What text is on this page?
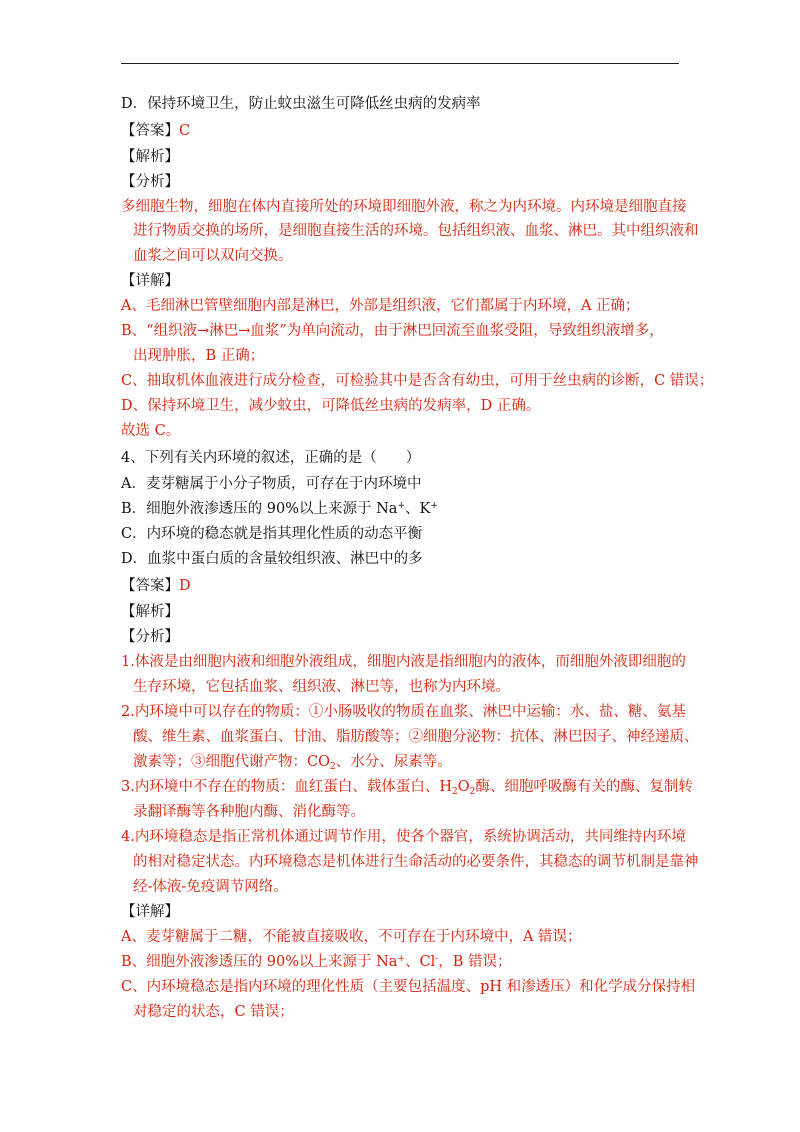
D．保持环境卫生，防止蚊虫滋生可降低丝虫病的发病率
【答案】C
【解析】
【分析】
多细胞生物，细胞在体内直接所处的环境即细胞外液，称之为内环境。内环境是细胞直接
进行物质交换的场所，是细胞直接生活的环境。包括组织液、血浆、淋巴。其中组织液和
血浆之间可以双向交换。
【详解】
A、毛细淋巴管壁细胞内部是淋巴，外部是组织液，它们都属于内环境，A 正确；
B、“组织液→淋巴→血浆”为单向流动，由于淋巴回流至血浆受阻，导致组织液增多，
出现肿胀，B 正确；
C、抽取机体血液进行成分检查，可检验其中是否含有幼虫，可用于丝虫病的诊断，C 错误；
D、保持环境卫生，减少蚊虫，可降低丝虫病的发病率，D 正确。
故选 C。
4、下列有关内环境的叙述，正确的是（　　）
A．麦芽糖属于小分子物质，可存在于内环境中
B．细胞外液渗透压的 90%以上来源于 Na+、K+
C．内环境的稳态就是指其理化性质的动态平衡
D．血浆中蛋白质的含量较组织液、淋巴中的多
【答案】D
【解析】
【分析】
1.体液是由细胞内液和细胞外液组成，细胞内液是指细胞内的液体，而细胞外液即细胞的
生存环境，它包括血浆、组织液、淋巴等，也称为内环境。
2.内环境中可以存在的物质：①小肠吸收的物质在血浆、淋巴中运输：水、盐、糖、氨基
酸、维生素、血浆蛋白、甘油、脂肪酸等；②细胞分泌物：抗体、淋巴因子、神经递质、
激素等；③细胞代谢产物：$CO_2$、水分、尿素等。
3.内环境中不存在的物质：血红蛋白、载体蛋白、$H_2O_2$酶、细胞呼吸酶有关的酶、复制转
录翻译酶等各种胞内酶、消化酶等。
4.内环境稳态是指正常机体通过调节作用，使各个器官，系统协调活动，共同维持内环境
的相对稳定状态。内环境稳态是机体进行生命活动的必要条件，其稳态的调节机制是靠神
经-体液-免疫调节网络。
【详解】
A、麦芽糖属于二糖，不能被直接吸收，不可存在于内环境中，A 错误；
B、细胞外液渗透压的 90%以上来源于 Na+、Cl-，B 错误；
C、内环境稳态是指内环境的理化性质（主要包括温度、pH 和渗透压）和化学成分保持相
对稳定的状态，C 错误；
